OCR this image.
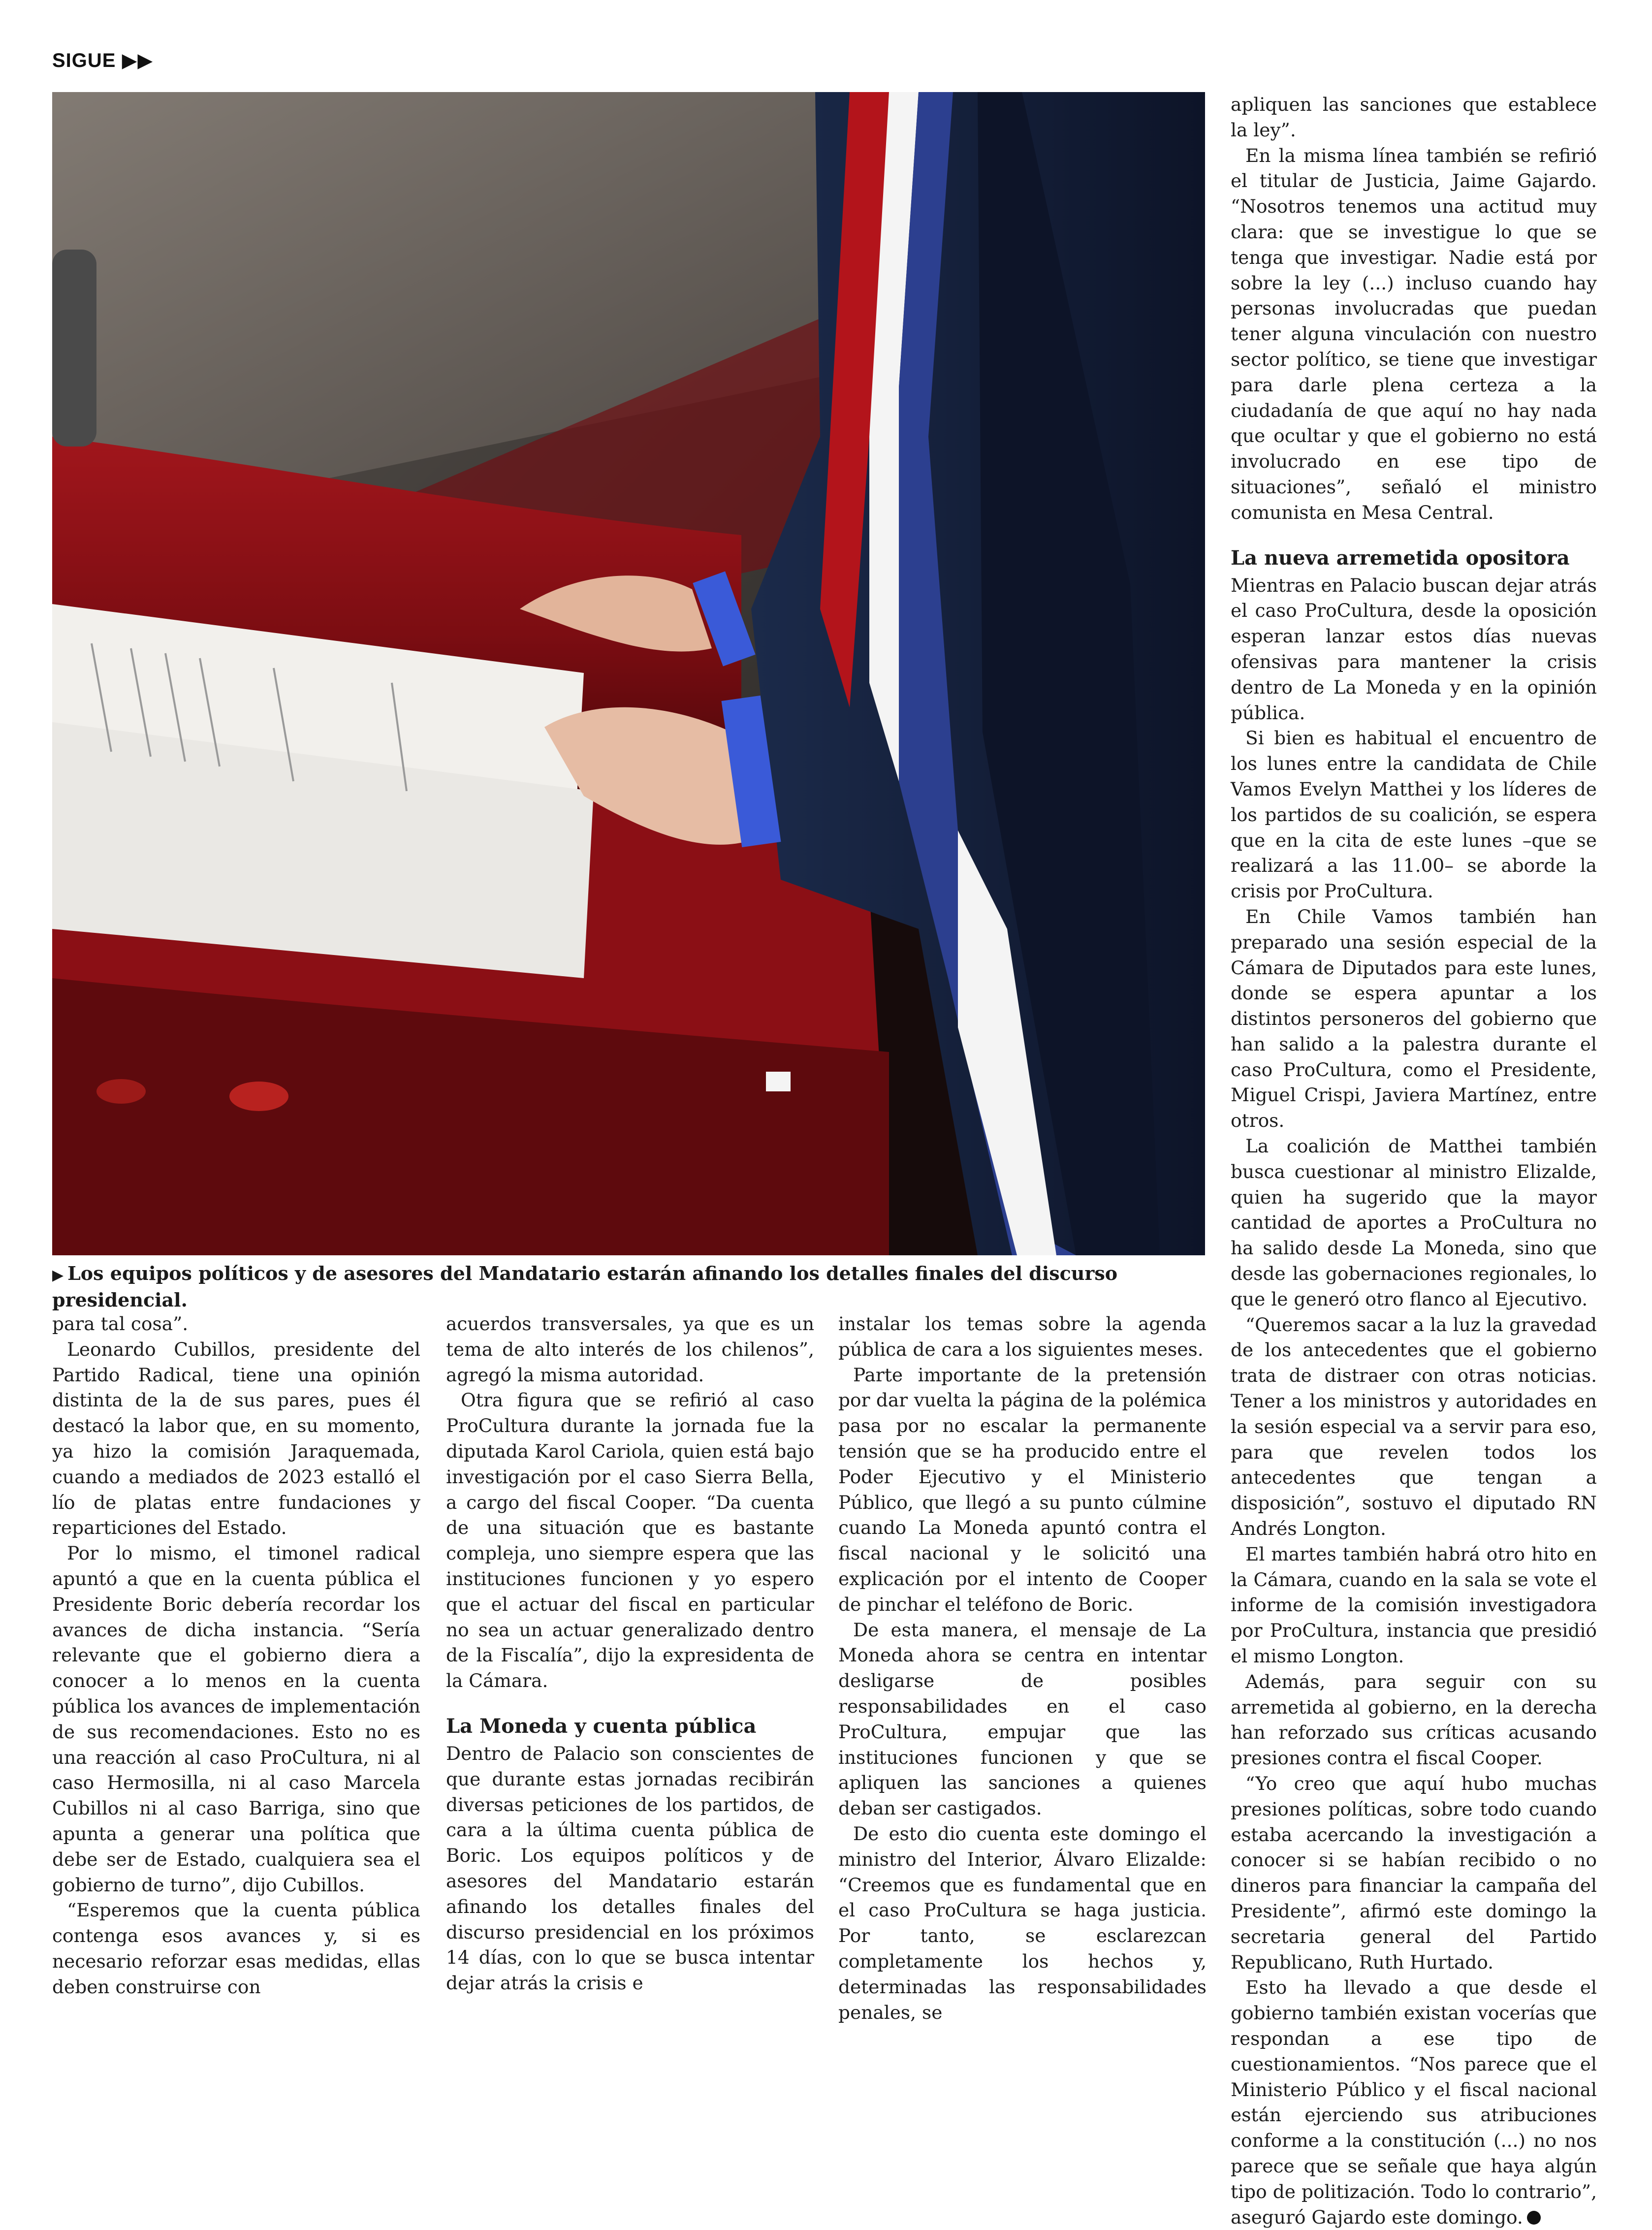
SIGUE ▶▶
▶ Los equipos políticos y de asesores del Mandatario estarán afinando los detalles finales del discurso presidencial.

para tal cosa”.

Leonardo Cubillos, presidente del Partido Radical, tiene una opinión distinta de la de sus pares, pues él destacó la labor que, en su momento, ya hizo la comisión Jaraquemada, cuando a mediados de 2023 estalló el lío de platas entre fundaciones y reparticiones del Estado.

Por lo mismo, el timonel radical apuntó a que en la cuenta pública el Presidente Boric debería recordar los avances de dicha instancia. “Sería relevante que el gobierno diera a conocer a lo menos en la cuenta pública los avances de implementación de sus recomendaciones. Esto no es una reacción al caso ProCultura, ni al caso Hermosilla, ni al caso Marcela Cubillos ni al caso Barriga, sino que apunta a generar una política que debe ser de Estado, cualquiera sea el gobierno de turno”, dijo Cubillos.

“Esperemos que la cuenta pública contenga esos avances y, si es necesario reforzar esas medidas, ellas deben construirse con

acuerdos transversales, ya que es un tema de alto interés de los chilenos”, agregó la misma autoridad.

Otra figura que se refirió al caso ProCultura durante la jornada fue la diputada Karol Cariola, quien está bajo investigación por el caso Sierra Bella, a cargo del fiscal Cooper. “Da cuenta de una situación que es bastante compleja, uno siempre espera que las instituciones funcionen y yo espero que el actuar del fiscal en particular no sea un actuar generalizado dentro de la Fiscalía”, dijo la expresidenta de la Cámara.

La Moneda y cuenta pública

Dentro de Palacio son conscientes de que durante estas jornadas recibirán diversas peticiones de los partidos, de cara a la última cuenta pública de Boric. Los equipos políticos y de asesores del Mandatario estarán afinando los detalles finales del discurso presidencial en los próximos 14 días, con lo que se busca intentar dejar atrás la crisis e

instalar los temas sobre la agenda pública de cara a los siguientes meses.

Parte importante de la pretensión por dar vuelta la página de la polémica pasa por no escalar la permanente tensión que se ha producido entre el Poder Ejecutivo y el Ministerio Público, que llegó a su punto cúlmine cuando La Moneda apuntó contra el fiscal nacional y le solicitó una explicación por el intento de Cooper de pinchar el teléfono de Boric.

De esta manera, el mensaje de La Moneda ahora se centra en intentar desligarse de posibles responsabilidades en el caso ProCultura, empujar que las instituciones funcionen y que se apliquen las sanciones a quienes deban ser castigados.

De esto dio cuenta este domingo el ministro del Interior, Álvaro Elizalde: “Creemos que es fundamental que en el caso ProCultura se haga justicia. Por tanto, se esclarezcan completamente los hechos y, determinadas las responsabilidades penales, se

apliquen las sanciones que establece la ley”.

En la misma línea también se refirió el titular de Justicia, Jaime Gajardo. “Nosotros tenemos una actitud muy clara: que se investigue lo que se tenga que investigar. Nadie está por sobre la ley (...) incluso cuando hay personas involucradas que puedan tener alguna vinculación con nuestro sector político, se tiene que investigar para darle plena certeza a la ciudadanía de que aquí no hay nada que ocultar y que el gobierno no está involucrado en ese tipo de situaciones”, señaló el ministro comunista en Mesa Central.

La nueva arremetida opositora

Mientras en Palacio buscan dejar atrás el caso ProCultura, desde la oposición esperan lanzar estos días nuevas ofensivas para mantener la crisis dentro de La Moneda y en la opinión pública.

Si bien es habitual el encuentro de los lunes entre la candidata de Chile Vamos Evelyn Matthei y los líderes de los partidos de su coalición, se espera que en la cita de este lunes –que se realizará a las 11.00– se aborde la crisis por ProCultura.

En Chile Vamos también han preparado una sesión especial de la Cámara de Diputados para este lunes, donde se espera apuntar a los distintos personeros del gobierno que han salido a la palestra durante el caso ProCultura, como el Presidente, Miguel Crispi, Javiera Martínez, entre otros.

La coalición de Matthei también busca cuestionar al ministro Elizalde, quien ha sugerido que la mayor cantidad de aportes a ProCultura no ha salido desde La Moneda, sino que desde las gobernaciones regionales, lo que le generó otro flanco al Ejecutivo.

“Queremos sacar a la luz la gravedad de los antecedentes que el gobierno trata de distraer con otras noticias. Tener a los ministros y autoridades en la sesión especial va a servir para eso, para que revelen todos los antecedentes que tengan a disposición”, sostuvo el diputado RN Andrés Longton.

El martes también habrá otro hito en la Cámara, cuando en la sala se vote el informe de la comisión investigadora por ProCultura, instancia que presidió el mismo Longton.

Además, para seguir con su arremetida al gobierno, en la derecha han reforzado sus críticas acusando presiones contra el fiscal Cooper.

“Yo creo que aquí hubo muchas presiones políticas, sobre todo cuando estaba acercando la investigación a conocer si se habían recibido o no dineros para financiar la campaña del Presidente”, afirmó este domingo la secretaria general del Partido Republicano, Ruth Hurtado.

Esto ha llevado a que desde el gobierno también existan vocerías que respondan a ese tipo de cuestionamientos. “Nos parece que el Ministerio Público y el fiscal nacional están ejerciendo sus atribuciones conforme a la constitución (...) no nos parece que se señale que haya algún tipo de politización. Todo lo contrario”, aseguró Gajardo este domingo.
